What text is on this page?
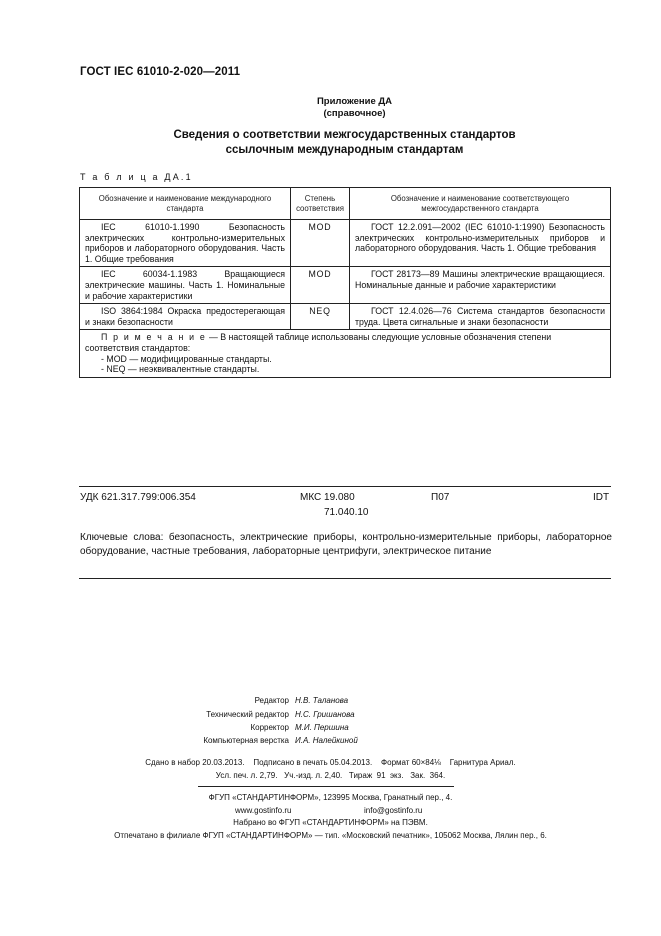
ГОСТ IEC 61010-2-020—2011
Приложение ДА
(справочное)
Сведения о соответствии межгосударственных стандартов
ссылочным международным стандартам
Т а б л и ц а ДА.1
Обозначение и наименование международного стандарта	Степень соответствия	Обозначение и наименование соответствующего межгосударственного стандарта
IEC 61010-1.1990 Безопасность электрических контрольно-измерительных приборов и лабораторного оборудования. Часть 1. Общие требования	MOD	ГОСТ 12.2.091—2002 (IEC 61010-1:1990) Безопасность электрических контрольно-измерительных приборов и лабораторного оборудования. Часть 1. Общие требования
IEC 60034-1.1983 Вращающиеся электрические машины. Часть 1. Номинальные и рабочие характеристики	MOD	ГОСТ 28173—89 Машины электрические вращающиеся. Номинальные данные и рабочие характеристики
ISO 3864:1984 Окраска предостерегающая и знаки безопасности	NEQ	ГОСТ 12.4.026—76 Система стандартов безопасности труда. Цвета сигнальные и знаки безопасности

П р и м е ч а н и е — В настоящей таблице использованы следующие условные обозначения степени соответствия стандартов:
- MOD — модифицированные стандарты.
- NEQ — неэквивалентные стандарты.		
УДК 621.317.799:006.354	МКС 19.080
71.040.10
П07	IDT
Ключевые слова: безопасность, электрические приборы, контрольно-измерительные приборы, лабораторное оборудование, частные требования, лабораторные центрифуги, электрическое питание
Редактор Н.В. Таланова
Технический редактор Н.С. Гришанова
Корректор М.И. Першина
Компьютерная верстка И.А. Налейкиной
Сдано в набор 20.03.2013.    Подписано в печать 05.04.2013.    Формат 60×84⅛    Гарнитура Ариал.
Усл. печ. л. 2,79.   Уч.-изд. л. 2,40.   Тираж  91  экз.   Зак.  364.
ФГУП «СТАНДАРТИНФОРМ», 123995 Москва, Гранатный пер., 4.
www.gostinfo.ru	info@gostinfo.ru
Набрано во ФГУП «СТАНДАРТИНФОРМ» на ПЭВМ.
Отпечатано в филиале ФГУП «СТАНДАРТИНФОРМ» — тип. «Московский печатник», 105062 Москва, Лялин пер., 6.
